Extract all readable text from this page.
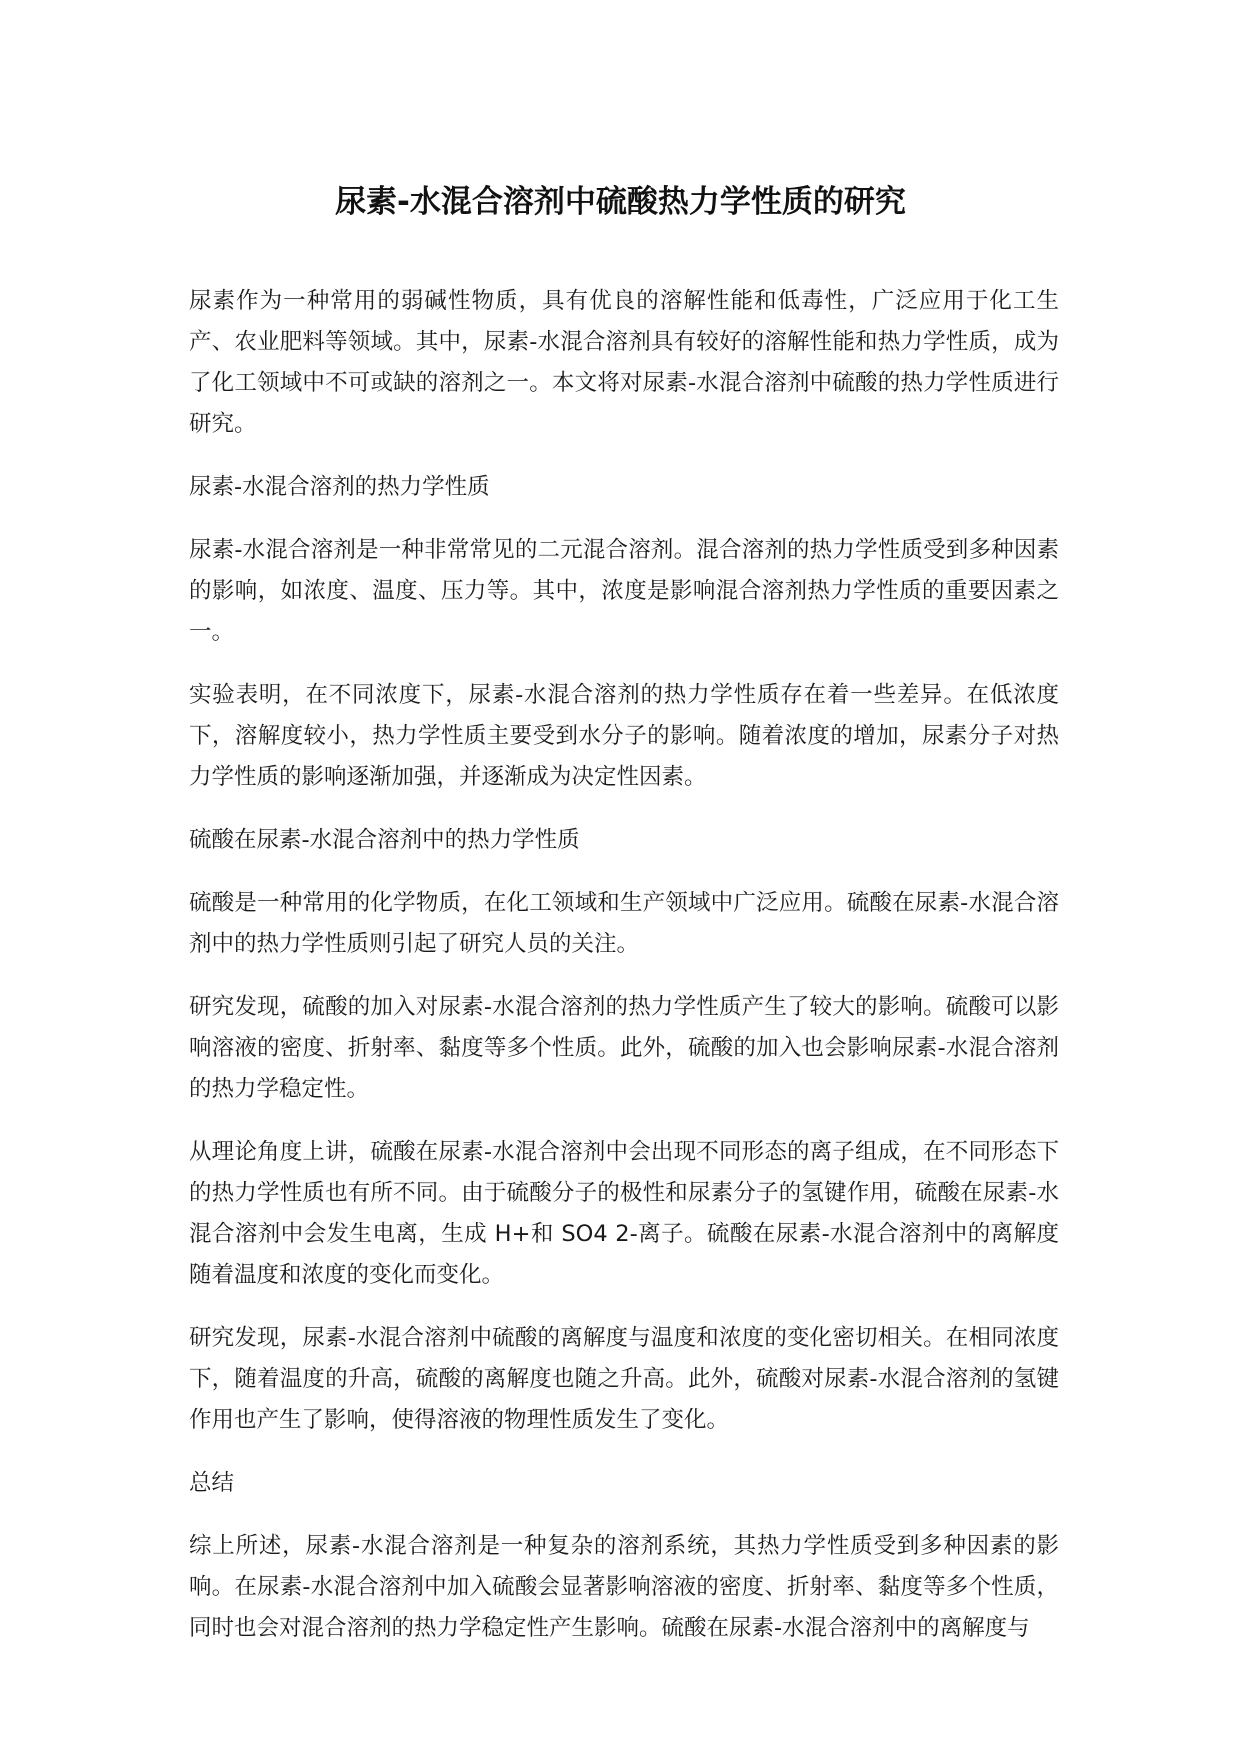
尿素-水混合溶剂中硫酸热力学性质的研究

尿素作为一种常用的弱碱性物质，具有优良的溶解性能和低毒性，广泛应用于化工生产、农业肥料等领域。其中，尿素-水混合溶剂具有较好的溶解性能和热力学性质，成为了化工领域中不可或缺的溶剂之一。本文将对尿素-水混合溶剂中硫酸的热力学性质进行研究。

尿素-水混合溶剂的热力学性质

尿素-水混合溶剂是一种非常常见的二元混合溶剂。混合溶剂的热力学性质受到多种因素的影响，如浓度、温度、压力等。其中，浓度是影响混合溶剂热力学性质的重要因素之一。

实验表明，在不同浓度下，尿素-水混合溶剂的热力学性质存在着一些差异。在低浓度下，溶解度较小，热力学性质主要受到水分子的影响。随着浓度的增加，尿素分子对热力学性质的影响逐渐加强，并逐渐成为决定性因素。

硫酸在尿素-水混合溶剂中的热力学性质

硫酸是一种常用的化学物质，在化工领域和生产领域中广泛应用。硫酸在尿素-水混合溶剂中的热力学性质则引起了研究人员的关注。

研究发现，硫酸的加入对尿素-水混合溶剂的热力学性质产生了较大的影响。硫酸可以影响溶液的密度、折射率、黏度等多个性质。此外，硫酸的加入也会影响尿素-水混合溶剂的热力学稳定性。

从理论角度上讲，硫酸在尿素-水混合溶剂中会出现不同形态的离子组成，在不同形态下的热力学性质也有所不同。由于硫酸分子的极性和尿素分子的氢键作用，硫酸在尿素-水混合溶剂中会发生电离，生成 H+和 SO4 2-离子。硫酸在尿素-水混合溶剂中的离解度随着温度和浓度的变化而变化。

研究发现，尿素-水混合溶剂中硫酸的离解度与温度和浓度的变化密切相关。在相同浓度下，随着温度的升高，硫酸的离解度也随之升高。此外，硫酸对尿素-水混合溶剂的氢键作用也产生了影响，使得溶液的物理性质发生了变化。

总结

综上所述，尿素-水混合溶剂是一种复杂的溶剂系统，其热力学性质受到多种因素的影响。在尿素-水混合溶剂中加入硫酸会显著影响溶液的密度、折射率、黏度等多个性质，同时也会对混合溶剂的热力学稳定性产生影响。硫酸在尿素-水混合溶剂中的离解度与
